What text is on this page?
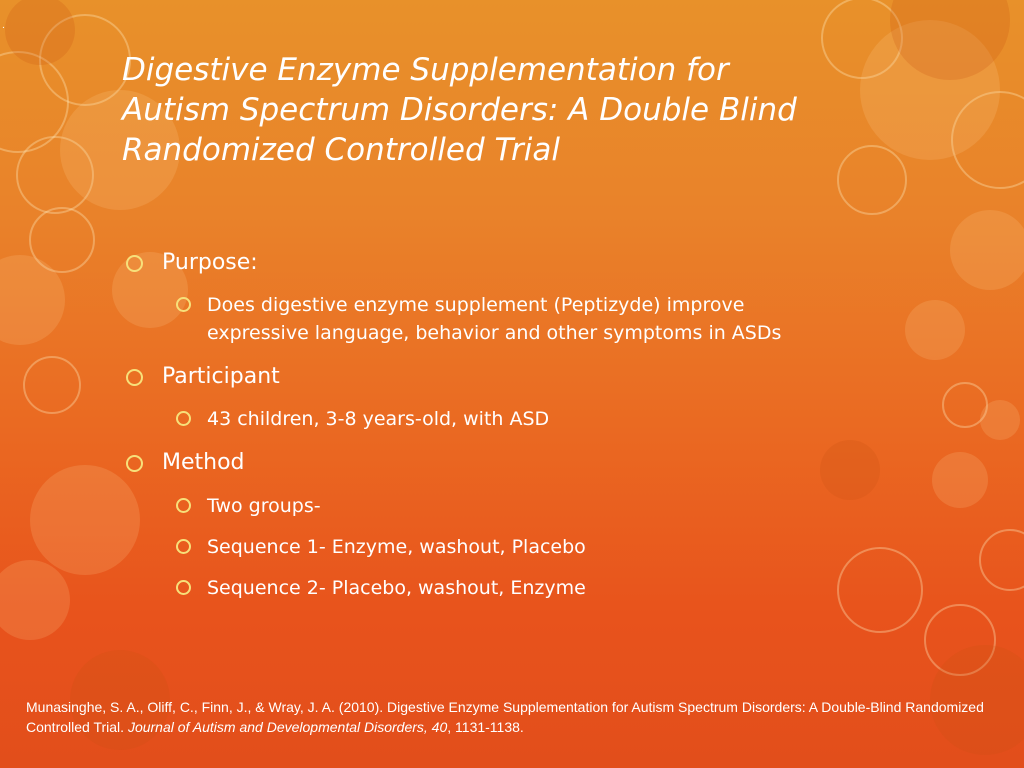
.
Digestive Enzyme Supplementation for
Autism Spectrum Disorders: A Double Blind
Randomized Controlled Trial
Purpose:
Does digestive enzyme supplement (Peptizyde) improve
expressive language, behavior and other symptoms in ASDs
Participant
43 children, 3-8 years-old, with ASD
Method
Two groups-
Sequence 1- Enzyme, washout, Placebo
Sequence 2- Placebo, washout, Enzyme
Munasinghe, S. A., Oliff, C., Finn, J., & Wray, J. A. (2010). Digestive Enzyme Supplementation for Autism Spectrum Disorders: A Double-Blind Randomized Controlled Trial. Journal of Autism and Developmental Disorders, 40, 1131-1138.
